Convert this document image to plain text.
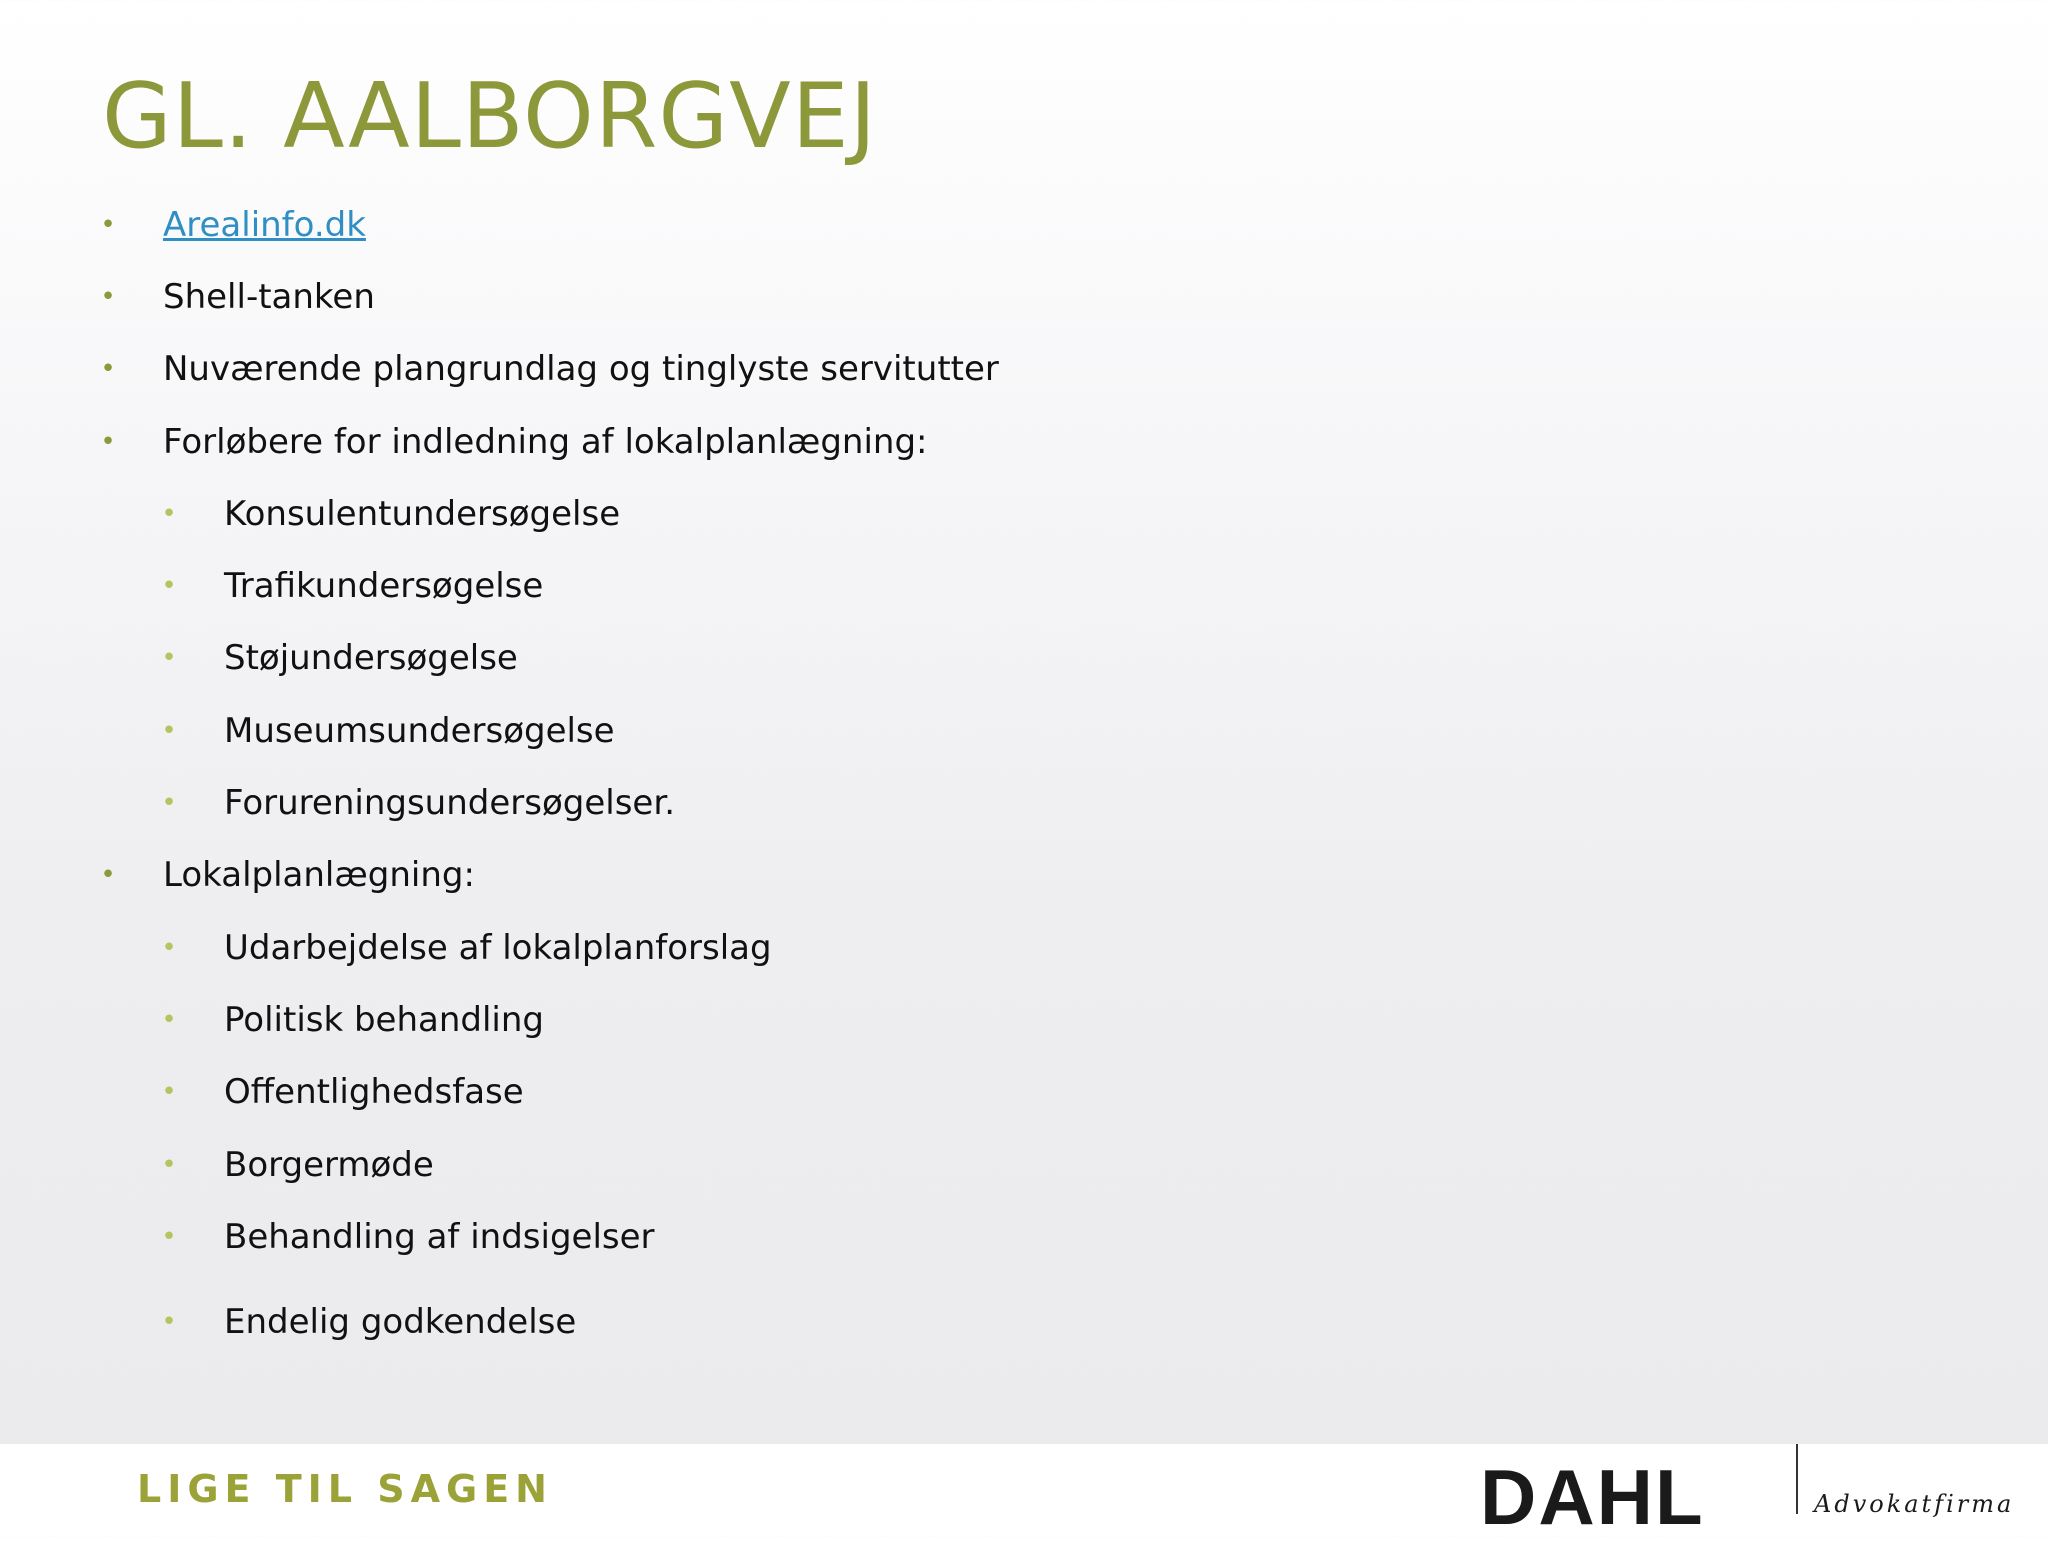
GL. AALBORGVEJ
• Arealinfo.dk
• Shell-tanken
• Nuværende plangrundlag og tinglyste servitutter
• Forløbere for indledning af lokalplanlægning:
• Konsulentundersøgelse
• Trafikundersøgelse
• Støjundersøgelse
• Museumsundersøgelse
• Forureningsundersøgelser.
• Lokalplanlægning:
• Udarbejdelse af lokalplanforslag
• Politisk behandling
• Offentlighedsfase
• Borgermøde
• Behandling af indsigelser
• Endelig godkendelse
LIGE TIL SAGEN	DAHL	Advokatfirma
